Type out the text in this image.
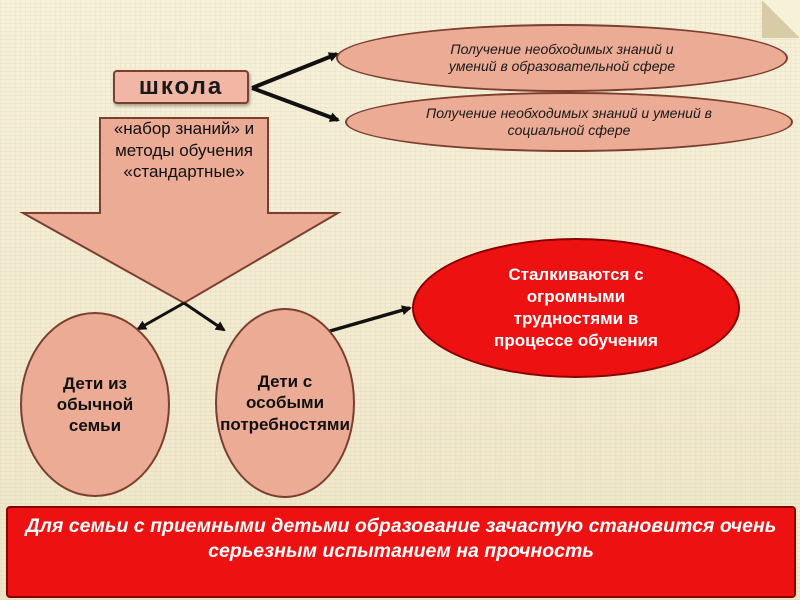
школа
Получение необходимых знаний и умений в образовательной сфере
Получение необходимых знаний и умений в социальной сфере
«набор знаний» и методы обучения «стандартные»
Дети из обычной семьи
Дети с особыми потребностями
Сталкиваются с огромными трудностями в процессе обучения
Для семьи с приемными детьми образование зачастую становится очень серьезным испытанием на прочность
